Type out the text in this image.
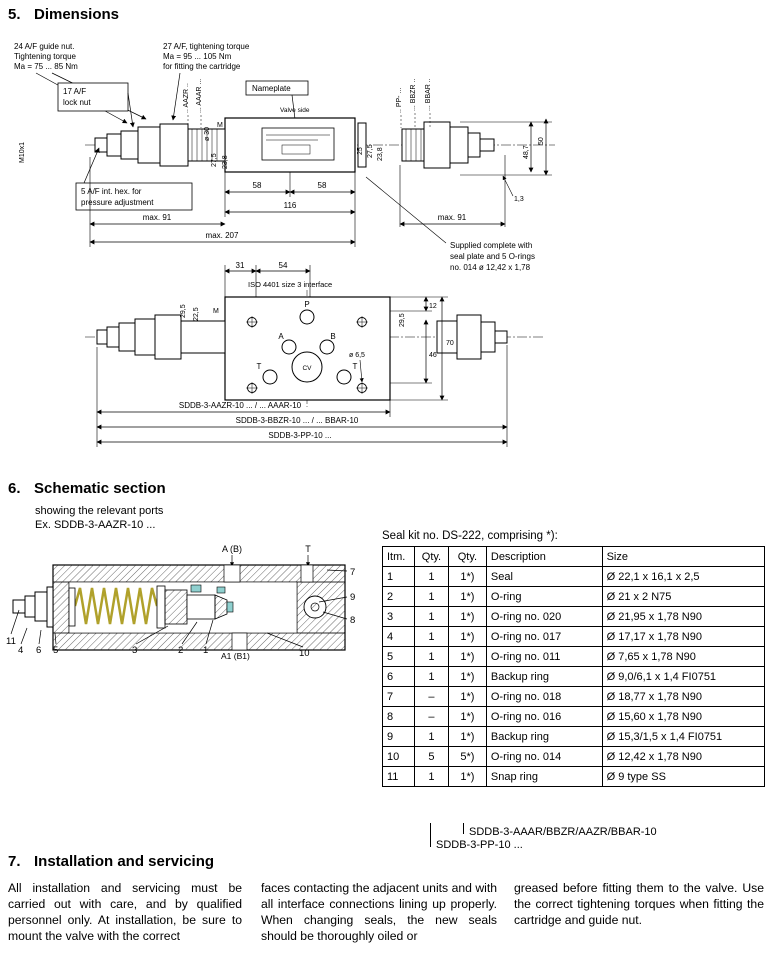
5. Dimensions
24 A/F guide nut.
Tightening torque
Ma = 75 ... 85 Nm
27 A/F, tightening torque
Ma = 95 ... 105 Nm
for fitting the cartridge
17 A/F
lock nut
Nameplate
Valve side
5 A/F int. hex. for
pressure adjustment
M10x1
ø 30
27,5 23,8
M
25 27,5 23,8	48,7
50
1,3
.. AAZR .. ... AAAR ...	.. PP- ... ... BBZR .. ... BBAR ..
58	58
116
max. 91	max. 91
max. 207
Supplied complete with
seal plate and 5 O-rings
no. 014 ø 12,42 x 1,78
31	54
ISO 4401 size 3 interface
P
A	B
T	T
CV
ø 6,5
29,5 22,5 M
29,5
12
46
70
SDDB-3-AAZR-10 ... / ... AAAR-10
SDDB-3-BBZR-10 ... / ... BBAR-10
SDDB-3-PP-10 ...
6. Schematic section
showing the relevant ports
Ex. SDDB-3-AAZR-10 ...
A (B)	T
7
9
8
11
4 6 5	3	2 1 A1 (B1)	10
Seal kit no. DS-222, comprising *):
Itm.	Qty.	Qty.	Description	Size
1	1	1*)	Seal	Ø 22,1 x 16,1 x 2,5
2	1	1*)	O-ring	Ø 21 x 2 N75
3	1	1*)	O-ring no. 020	Ø 21,95 x 1,78 N90
4	1	1*)	O-ring no. 017	Ø 17,17 x 1,78 N90
5	1	1*)	O-ring no. 011	Ø 7,65 x 1,78 N90
6	1	1*)	Backup ring	Ø 9,0/6,1 x 1,4 FI0751
7	–	1*)	O-ring no. 018	Ø 18,77 x 1,78 N90
8	–	1*)	O-ring no. 016	Ø 15,60 x 1,78 N90
9	1	1*)	Backup ring	Ø 15,3/1,5 x 1,4 FI0751
10	5	5*)	O-ring no. 014	Ø 12,42 x 1,78 N90
11	1	1*)	Snap ring	Ø 9 type SS
SDDB-3-AAAR/BBZR/AAZR/BBAR-10
SDDB-3-PP-10 ...
7. Installation and servicing
All installation and servicing must be carried out with care, and by qualified personnel only. At installation, be sure to mount the valve with the correct
faces contacting the adjacent units and with all interface connections lining up properly. When changing seals, the new seals should be thoroughly oiled or
greased before fitting them to the valve. Use the correct tightening torques when fitting the cartridge and guide nut.
